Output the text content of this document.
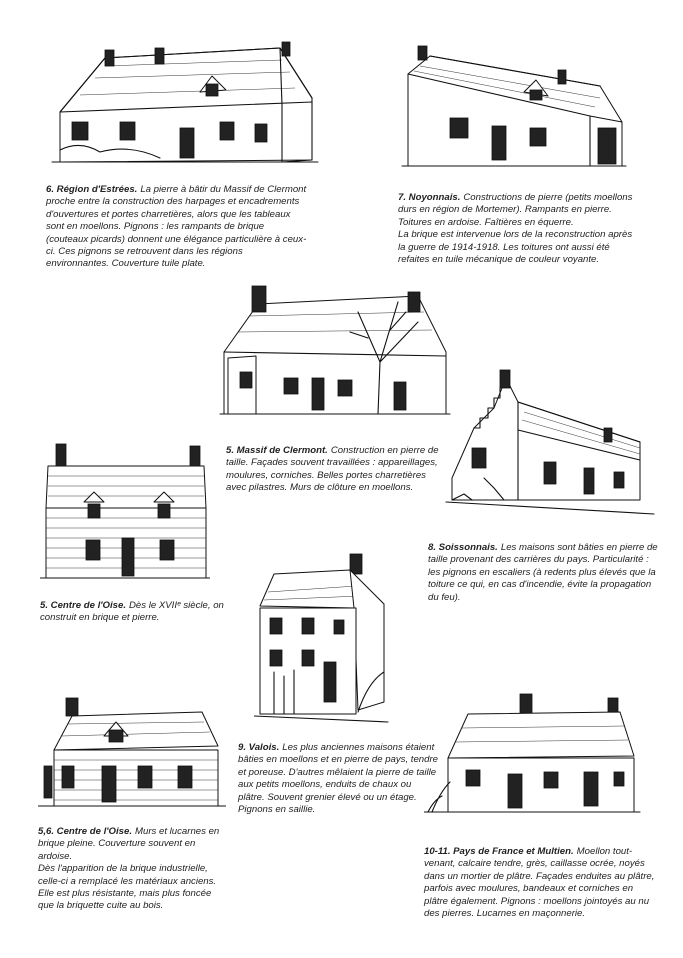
6. Région d'Estrées. La pierre à bâtir du Massif de Clermont proche entre la construction des harpages et encadrements d'ouvertures et portes charretières, alors que les tableaux sont en moellons. Pignons : les rampants de brique (couteaux picards) donnent une élégance particulière à ceux-ci. Ces pignons se retrouvent dans les régions environnantes. Couverture tuile plate.

7. Noyonnais. Constructions de pierre (petits moellons durs en région de Mortemer). Rampants en pierre. Toitures en ardoise. Faîtières en équerre.

La brique est intervenue lors de la reconstruction après la guerre de 1914-1918. Les toitures ont aussi été refaites en tuile mécanique de couleur voyante.

5. Massif de Clermont. Construction en pierre de taille. Façades souvent travaillées : appareillages, moulures, corniches. Belles portes charretières avec pilastres. Murs de clôture en moellons.
8. Soissonnais. Les maisons sont bâties en pierre de taille provenant des carrières du pays. Particularité : les pignons en escaliers (à redents plus élevés que la toiture ce qui, en cas d'incendie, évite la propagation du feu).
5. Centre de l'Oise. Dès le XVIIᵉ siècle, on construit en brique et pierre.
9. Valois. Les plus anciennes maisons étaient bâties en moellons et en pierre de pays, tendre et poreuse. D'autres mêlaient la pierre de taille aux petits moellons, enduits de chaux ou plâtre. Souvent grenier élevé ou un étage. Pignons en saillie.

5,6. Centre de l'Oise. Murs et lucarnes en brique pleine. Couverture souvent en ardoise.

Dès l'apparition de la brique industrielle, celle-ci a remplacé les matériaux anciens. Elle est plus résistante, mais plus foncée que la briquette cuite au bois.

10-11. Pays de France et Multien. Moellon tout-venant, calcaire tendre, grès, caillasse ocrée, noyés dans un mortier de plâtre. Façades enduites au plâtre, parfois avec moulures, bandeaux et corniches en plâtre également. Pignons : moellons jointoyés au nu des pierres. Lucarnes en maçonnerie.
